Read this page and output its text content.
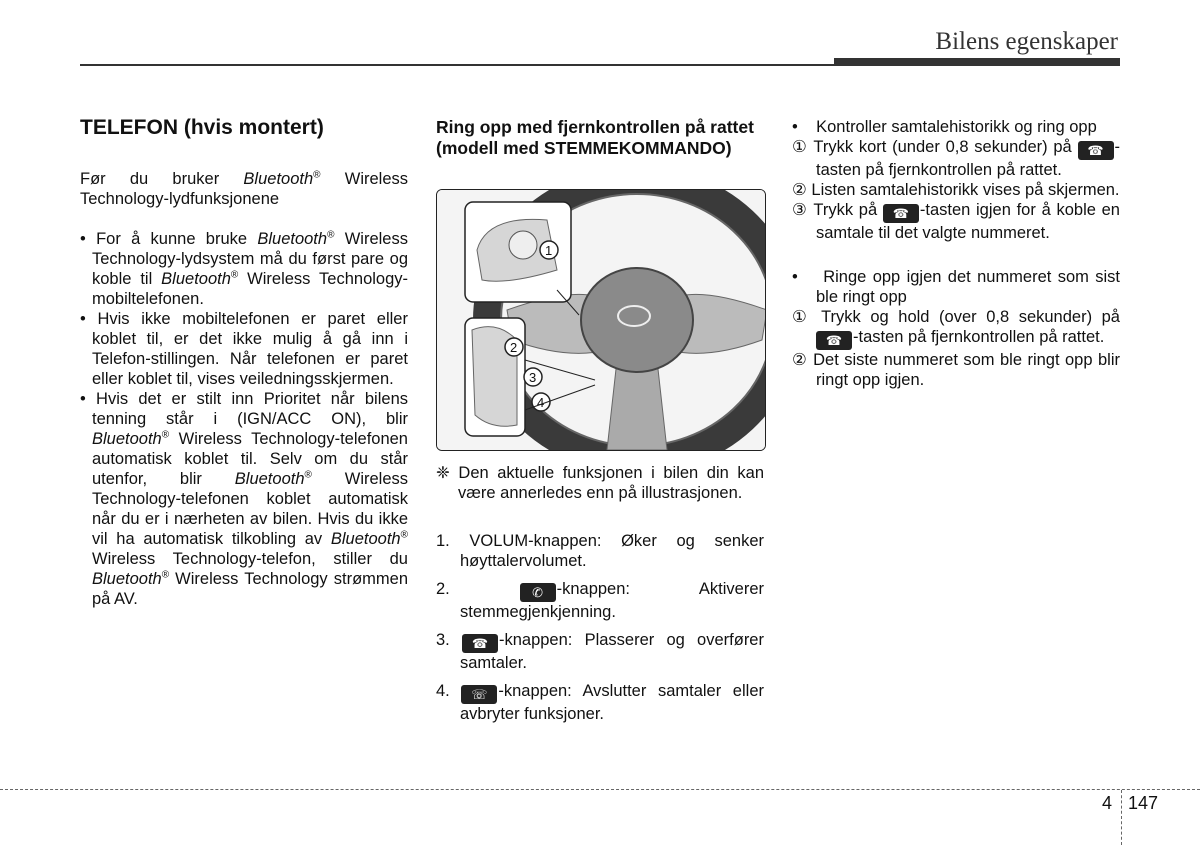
Bilens egenskaper
TELEFON (hvis montert)

Før du bruker Bluetooth® Wireless Technology-lydfunksjonene

• For å kunne bruke Bluetooth® Wireless Technology-lydsystem må du først pare og koble til Bluetooth® Wireless Technology-mobiltelefonen.

• Hvis ikke mobiltelefonen er paret eller koblet til, er det ikke mulig å gå inn i Telefon-stillingen. Når telefonen er paret eller koblet til, vises veiledningsskjermen.

• Hvis det er stilt inn Prioritet når bilens tenning står i (IGN/ACC ON), blir Bluetooth® Wireless Technology-telefonen automatisk koblet til. Selv om du står utenfor, blir Bluetooth® Wireless Technology-telefonen koblet automatisk når du er i nærheten av bilen. Hvis du ikke vil ha automatisk tilkobling av Bluetooth® Wireless Technology-telefon, stiller du Bluetooth® Wireless Technology strømmen på AV.

Ring opp med fjernkontrollen på rattet (modell med STEMMEKOMMANDO)
1
2
3
4

❈ Den aktuelle funksjonen i bilen din kan være annerledes enn på illustrasjonen.

1. VOLUM-knappen: Øker og senker høyttalervolumet.

2.	✆ -knappen: Aktiverer stemmegjenkjenning.

3. ☎ -knappen: Plasserer og overfører samtaler.

4. ☏ -knappen: Avslutter samtaler eller avbryter funksjoner.

•    Kontroller samtalehistorikk og ring opp

① Trykk kort (under 0,8 sekunder) på ☎ -tasten på fjernkontrollen på rattet.

② Listen samtalehistorikk vises på skjermen.

③ Trykk på ☎ -tasten igjen for å koble en samtale til det valgte nummeret.

•    Ringe opp igjen det nummeret som sist ble ringt opp

① Trykk og hold (over 0,8 sekunder) på ☎ -tasten på fjernkontrollen på rattet.

② Det siste nummeret som ble ringt opp blir ringt opp igjen.

4 147
